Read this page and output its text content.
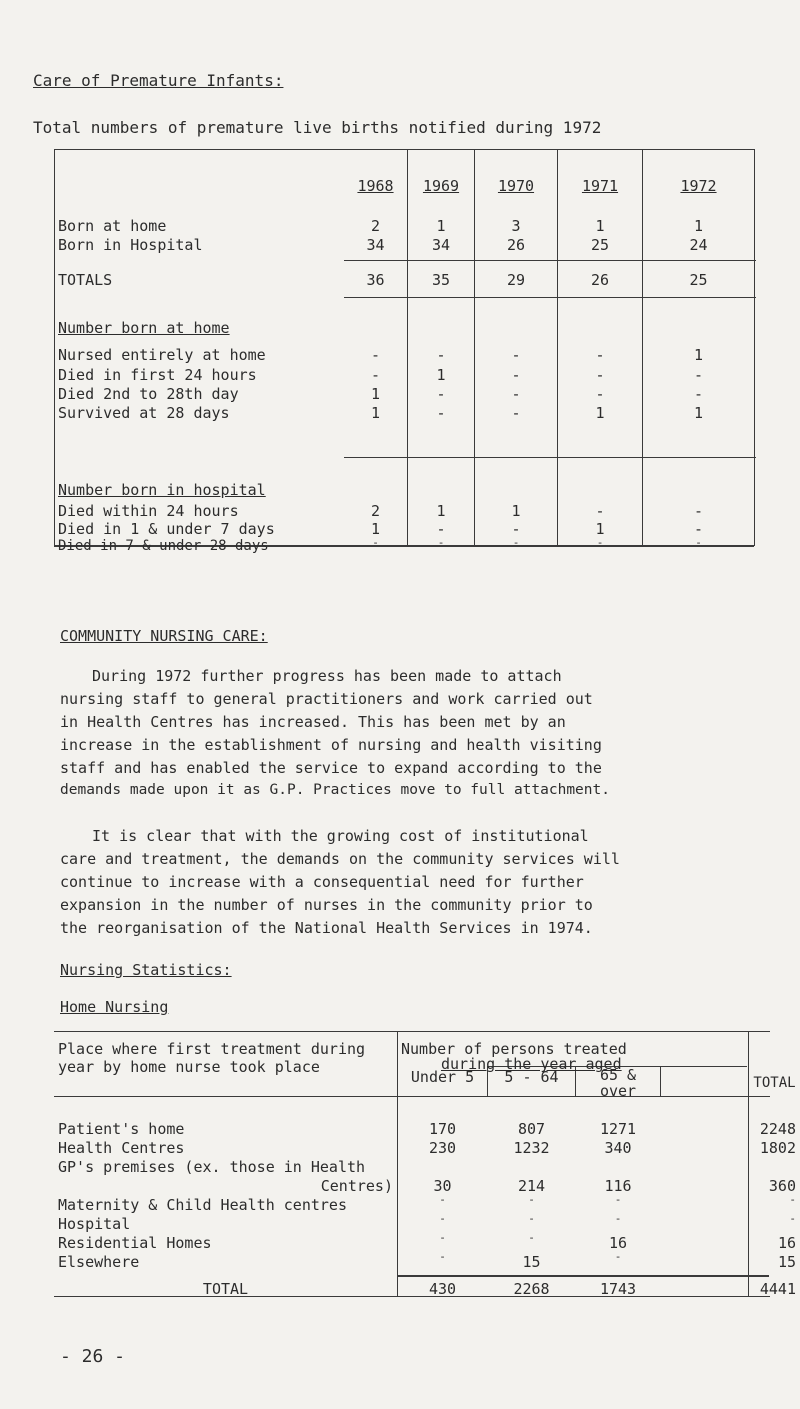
Care of Premature Infants:
Total numbers of premature live births notified during 1972
1968	1969	1970	1971	1972
Born at home	2	1	3	1	1
Born in Hospital	34	34	26	25	24
TOTALS	36	35	29	26	25
Number born at home
Nursed entirely at home	-	-	-	-	1
Died in first 24 hours	-	1	-	-	-
Died 2nd to 28th day	1	-	-	-	-
Survived at 28 days	1	-	-	1	1
Number born in hospital
Died within 24 hours	2	1	1	-	-
Died in 1 & under 7 days	1	-	-	1	-
Died in 7 & under 28 days	-	-	-	-	-
COMMUNITY NURSING CARE:
During 1972 further progress has been made to attach
nursing staff to general practitioners and work carried out
in Health Centres has increased. This has been met by an
increase in the establishment of nursing and health visiting
staff and has enabled the service to expand according to the
demands made upon it as G.P. Practices move to full attachment.
It is clear that with the growing cost of institutional
care and treatment, the demands on the community services will
continue to increase with a consequential need for further
expansion in the number of nurses in the community prior to
the reorganisation of the National Health Services in 1974.
Nursing Statistics:
Home Nursing
Place where first treatment during
year by home nurse took place
Number of persons treated
during the year aged
Under 5	5 - 64	65 &
over	TOTAL
Patient's home	170	807	1271	2248
Health Centres	230	1232	340	1802
GP's premises (ex. those in Health
Centres)	30	214	116	360
Maternity & Child Health centres	-	-	-	-
Hospital	-	-	-	-
Residential Homes	-	-	16	16
Elsewhere	-	15	-	15
TOTAL	430	2268	1743	4441
- 26 -
